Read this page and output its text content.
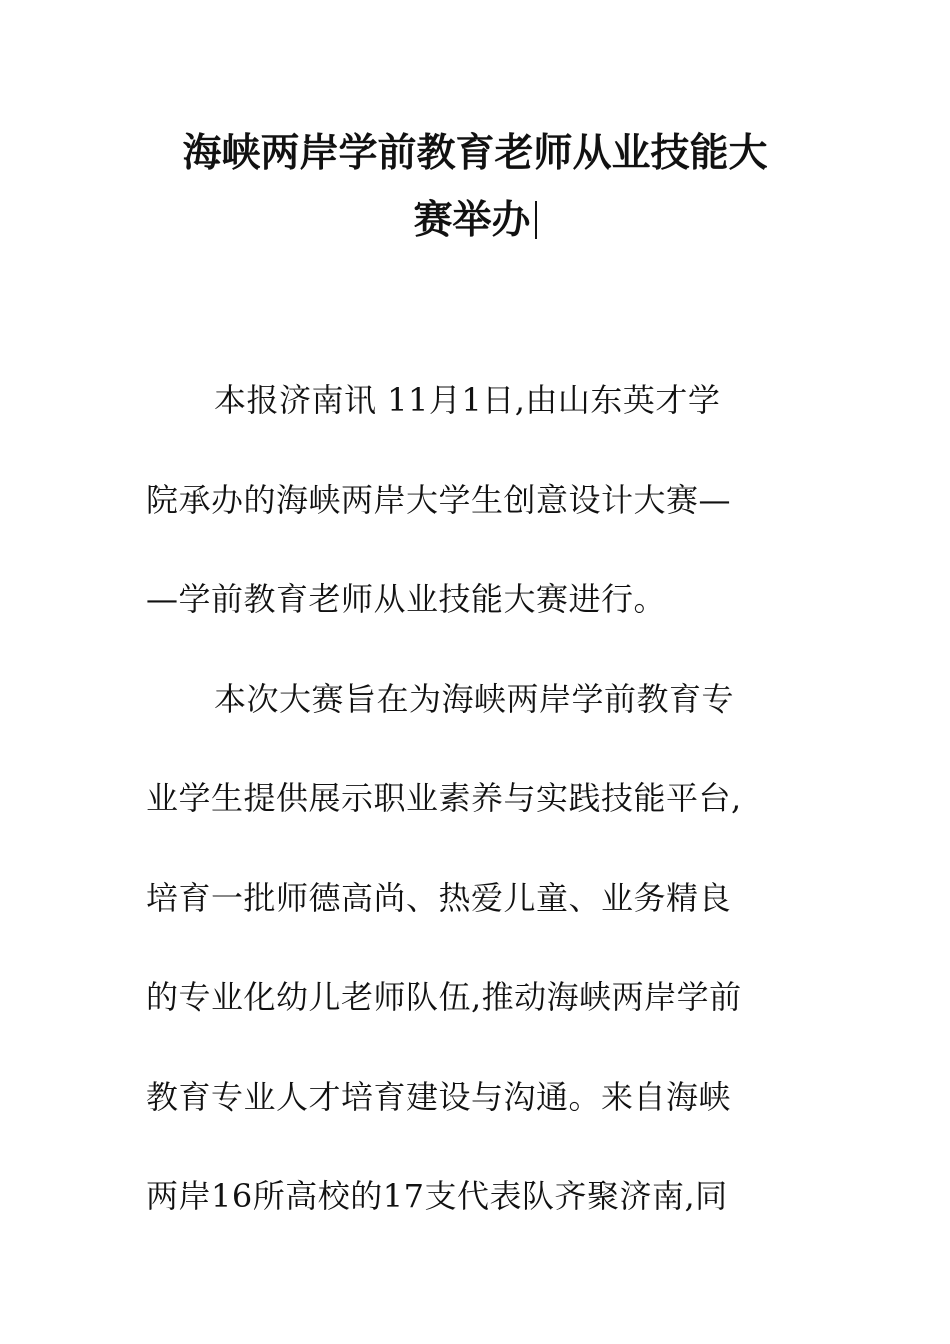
海峡两岸学前教育老师从业技能大
赛举办
本报济南讯 11月1日,由山东英才学
院承办的海峡两岸大学生创意设计大赛—
—学前教育老师从业技能大赛进行。
本次大赛旨在为海峡两岸学前教育专
业学生提供展示职业素养与实践技能平台,
培育一批师德高尚、热爱儿童、业务精良
的专业化幼儿老师队伍,推动海峡两岸学前
教育专业人才培育建设与沟通。来自海峡
两岸16所高校的17支代表队齐聚济南,同
